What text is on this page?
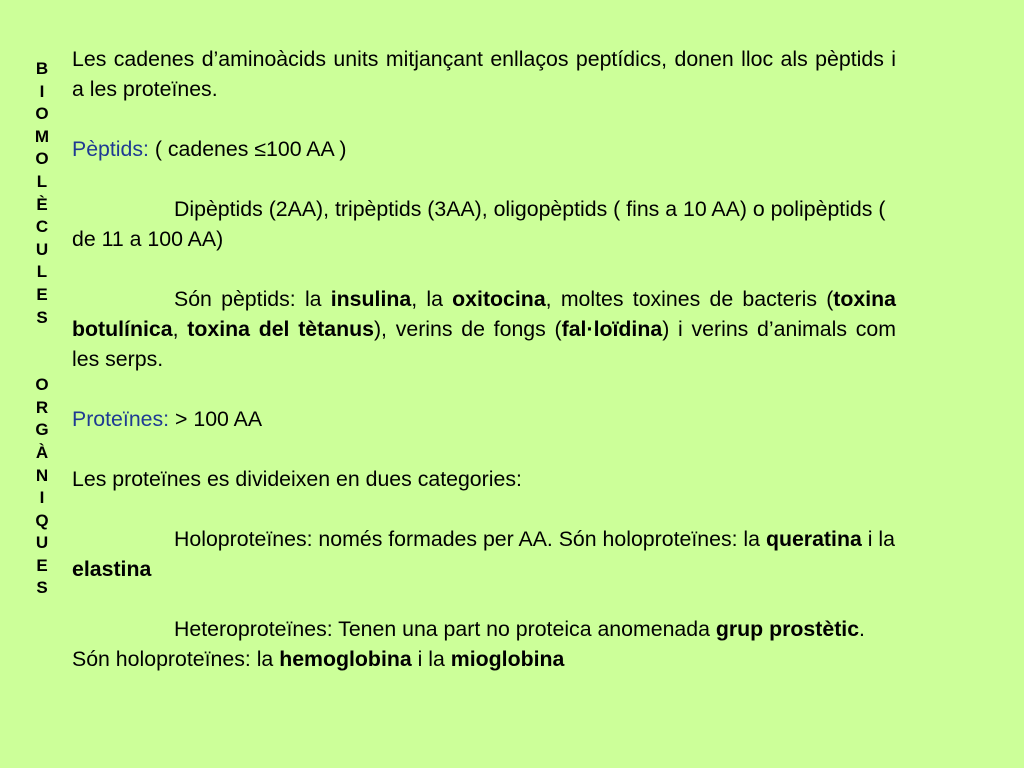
B
I
O
M
O
L
È
C
U
L
E
S
O
R
G
À
N
I
Q
U
E
S

Les cadenes d’aminoàcids units mitjançant enllaços peptídics, donen lloc als pèptids i a les proteïnes.

Pèptids: ( cadenes ≤100 AA )

Dipèptids (2AA), tripèptids (3AA), oligopèptids ( fins a 10 AA) o polipèptids ( de 11 a 100 AA)

Són pèptids: la insulina, la oxitocina, moltes toxines de bacteris (toxina botulínica, toxina del tètanus), verins de fongs (fal·loïdina) i verins d’animals com les serps.

Proteïnes: > 100 AA

Les proteïnes es divideixen en dues categories:

Holoproteïnes: només formades per AA. Són holoproteïnes: la queratina i la elastina

Heteroproteïnes: Tenen una part no proteica anomenada grup prostètic. Són holoproteïnes: la hemoglobina i la mioglobina
